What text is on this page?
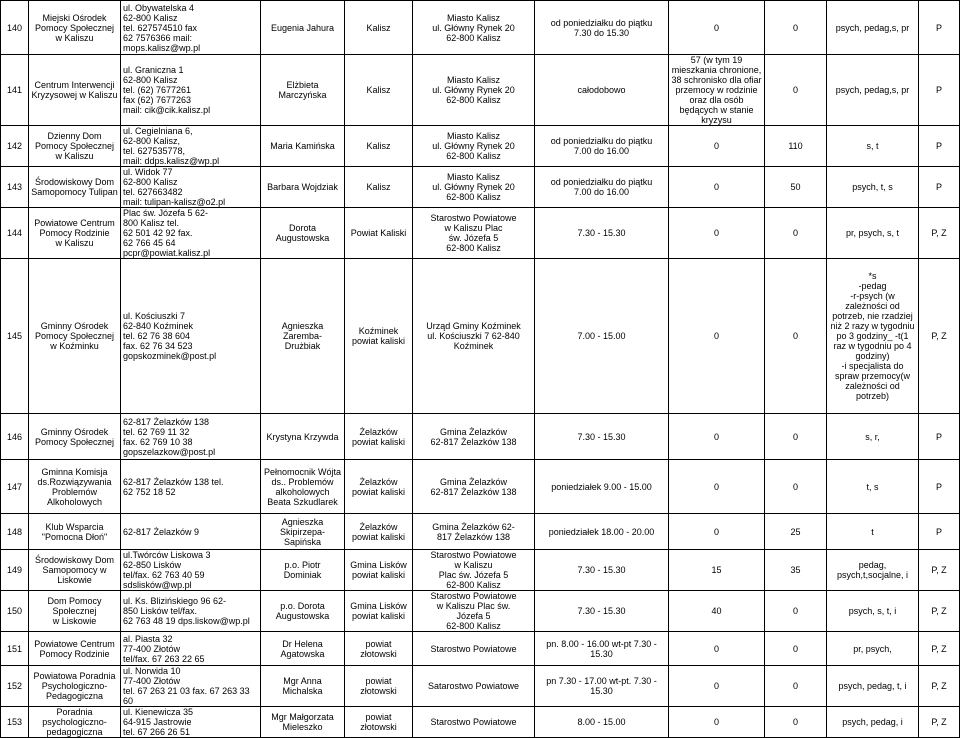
140	Miejski Ośrodek Pomocy Społecznej
w Kaliszu	ul. Obywatelska 4
62-800 Kalisz
tel. 627574510 fax
62 7576366 mail:
mops.kalisz@wp.pl	Eugenia Jahura	Kalisz	Miasto Kalisz
ul. Główny Rynek 20
62-800 Kalisz	od poniedziałku do piątku
7.30 do 15.30	0	0	psych, pedag,s, pr	P
141	Centrum Interwencji Kryzysowej w Kaliszu	ul. Graniczna 1
62-800 Kalisz
tel. (62) 7677261
fax (62) 7677263
mail: cik@cik.kalisz.pl	Elżbieta
Marczyńska	Kalisz	Miasto Kalisz
ul. Główny Rynek 20
62-800 Kalisz	całodobowo	57 (w tym 19 mieszkania chronione, 38 schronisko dla ofiar przemocy w rodzinie oraz dla osób będących w stanie kryzysu	0	psych, pedag,s, pr	P
142	Dzienny Dom Pomocy Społecznej w Kaliszu	ul. Cegielniana 6,
62-800 Kalisz,
tel. 627535778,
mail: ddps.kalisz@wp.pl	Maria Kamińska	Kalisz	Miasto Kalisz
ul. Główny Rynek 20
62-800 Kalisz	od poniedziałku do piątku
7.00 do 16.00	0	110	s, t	P
143	Środowiskowy Dom Samopomocy Tulipan	ul. Widok 77
62-800 Kalisz
tel. 627663482
mail: tulipan-kalisz@o2.pl	Barbara Wojdziak	Kalisz	Miasto Kalisz
ul. Główny Rynek 20
62-800 Kalisz	od poniedziałku do piątku
7.00 do 16.00	0	50	psych, t, s	P
144	Powiatowe Centrum Pomocy Rodzinie
w Kaliszu	Plac św. Józefa 5 62-
800 Kalisz tel.
62 501 42 92 fax.
62 766 45 64
pcpr@powiat.kalisz.pl	Dorota
Augustowska	Powiat Kaliski	Starostwo Powiatowe
w Kaliszu Plac
św. Józefa 5
62-800 Kalisz	7.30 - 15.30	0	0	pr, psych, s, t	P, Z
145	Gminny Ośrodek Pomocy Społecznej
w Koźminku	ul. Kościuszki 7
62-840 Koźminek
tel. 62 76 38 604
fax. 62 76 34 523
gopskozminek@post.pl	Agnieszka
Zaremba-
Drużbiak	Koźminek
powiat kaliski	Urząd Gminy Koźminek
ul. Kościuszki 7 62-840
Koźminek	7.00 - 15.00	0	0	*s
-pedag
-r-psych (w zależności od potrzeb, nie rzadziej niż 2 razy w tygodniu po 3 godziny_ -t(1 raz w tygodniu po 4 godziny)
-i specjalista do spraw przemocy(w zależności od potrzeb)	P, Z
146	Gminny Ośrodek Pomocy Społecznej	62-817 Żelazków 138
tel. 62 769 11 32
fax. 62 769 10 38
gopszelazkow@post.pl	Krystyna Krzywda	Żelazków
powiat kaliski	Gmina Żelazków
62-817 Żelazków 138	7.30 - 15.30	0	0	s, r,	P
147	Gminna Komisja ds.Rozwiązywania Problemów Alkoholowych	62-817 Żelazków 138 tel.
62 752 18 52	Pełnomocnik Wójta ds.. Problemów alkoholowych Beata Szkudlarek	Żelazków
powiat kaliski	Gmina Żelazków
62-817 Żelazków 138	poniedziałek 9.00 - 15.00	0	0	t, s	P
148	Klub Wsparcia "Pomocna Dłoń"	62-817 Żelazków 9	Agnieszka
Skipirzepa-
Sapińska	Żelazków
powiat kaliski	Gmina Żelazków 62-
817 Żelazków 138	poniedziałek 18.00 - 20.00	0	25	t	P
149	Środowiskowy Dom Samopomocy w Liskowie	ul.Twórców Liskowa 3
62-850 Lisków
tel/fax. 62 763 40 59
sdslisków@wp.pl	p.o. Piotr
Dominiak	Gmina Lisków
powiat kaliski	Starostwo Powiatowe
w Kaliszu
Plac św. Józefa 5
62-800 Kalisz	7.30 - 15.30	15	35	pedag,
psych,t,socjalne, i	P, Z
150	Dom Pomocy Społecznej
w Liskowie	ul. Ks. Blizińskiego 96 62-
850 Lisków tel/fax.
62 763 48 19 dps.liskow@wp.pl	p.o. Dorota
Augustowska	Gmina Lisków
powiat kaliski	Starostwo Powiatowe
w Kaliszu Plac św.
Józefa 5
62-800 Kalisz	7.30 - 15.30	40	0	psych, s, t, i	P, Z
151	Powiatowe Centrum Pomocy Rodzinie	al. Piasta 32
77-400 Złotów
tel/fax. 67 263 22 65	Dr Helena
Agatowska	powiat złotowski	Starostwo Powiatowe	pn. 8.00 - 16.00 wt-pt 7.30 - 15.30	0	0	pr, psych,	P, Z
152	Powiatowa Poradnia Psychologiczno-
Pedagogiczna	ul. Norwida 10
77-400 Złotów
tel. 67 263 21 03 fax. 67 263 33
60	Mgr Anna
Michalska	powiat złotowski	Satarostwo Powiatowe	pn 7.30 - 17.00 wt-pt. 7.30 - 15.30	0	0	psych, pedag, t, i	P, Z
153	Poradnia psychologiczno-
pedagogiczna	ul. Kienewicza 35
64-915 Jastrowie
tel. 67 266 26 51	Mgr Małgorzata
Mieleszko	powiat złotowski	Starostwo Powiatowe	8.00 - 15.00	0	0	psych, pedag, i	P, Z
